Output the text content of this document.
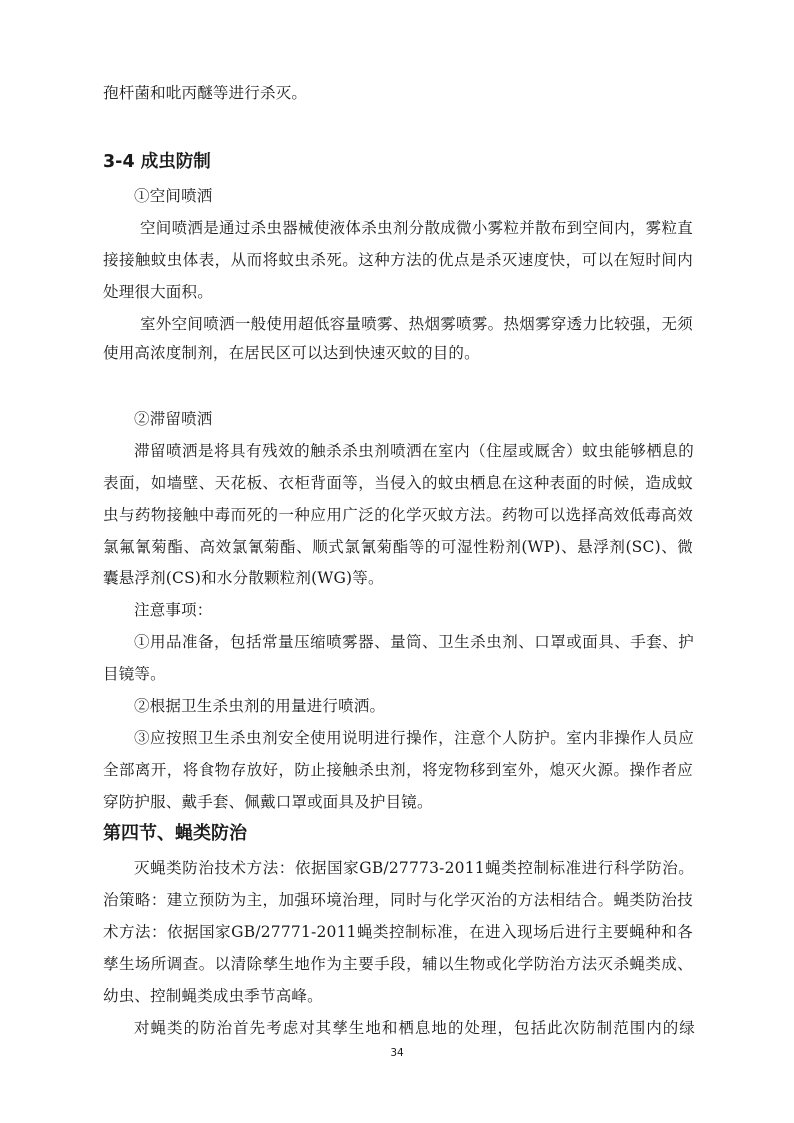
孢杆菌和吡丙醚等进行杀灭。
3-4 成虫防制
①空间喷洒
空间喷洒是通过杀虫器械使液体杀虫剂分散成微小雾粒并散布到空间内，雾粒直
接接触蚊虫体表，从而将蚊虫杀死。这种方法的优点是杀灭速度快，可以在短时间内
处理很大面积。
室外空间喷洒一般使用超低容量喷雾、热烟雾喷雾。热烟雾穿透力比较强，无须
使用高浓度制剂，在居民区可以达到快速灭蚊的目的。
②滞留喷洒
滞留喷洒是将具有残效的触杀杀虫剂喷洒在室内（住屋或厩舍）蚊虫能够栖息的
表面，如墙壁、天花板、衣柜背面等，当侵入的蚊虫栖息在这种表面的时候，造成蚊
虫与药物接触中毒而死的一种应用广泛的化学灭蚊方法。药物可以选择高效低毒高效
氯氟氰菊酯、高效氯氰菊酯、顺式氯氰菊酯等的可湿性粉剂(WP)、悬浮剂(SC)、微
囊悬浮剂(CS)和水分散颗粒剂(WG)等。
注意事项：
①用品准备，包括常量压缩喷雾器、量筒、卫生杀虫剂、口罩或面具、手套、护
目镜等。
②根据卫生杀虫剂的用量进行喷洒。
③应按照卫生杀虫剂安全使用说明进行操作，注意个人防护。室内非操作人员应
全部离开，将食物存放好，防止接触杀虫剂，将宠物移到室外，熄灭火源。操作者应
穿防护服、戴手套、佩戴口罩或面具及护目镜。
第四节、蝇类防治
灭蝇类防治技术方法：依据国家GB/27773-2011蝇类控制标准进行科学防治。
治策略：建立预防为主，加强环境治理，同时与化学灭治的方法相结合。蝇类防治技
术方法：依据国家GB/27771-2011蝇类控制标准，在进入现场后进行主要蝇种和各
孳生场所调查。以清除孳生地作为主要手段，辅以生物或化学防治方法灭杀蝇类成、
幼虫、控制蝇类成虫季节高峰。
对蝇类的防治首先考虑对其孳生地和栖息地的处理，包括此次防制范围内的绿
34
